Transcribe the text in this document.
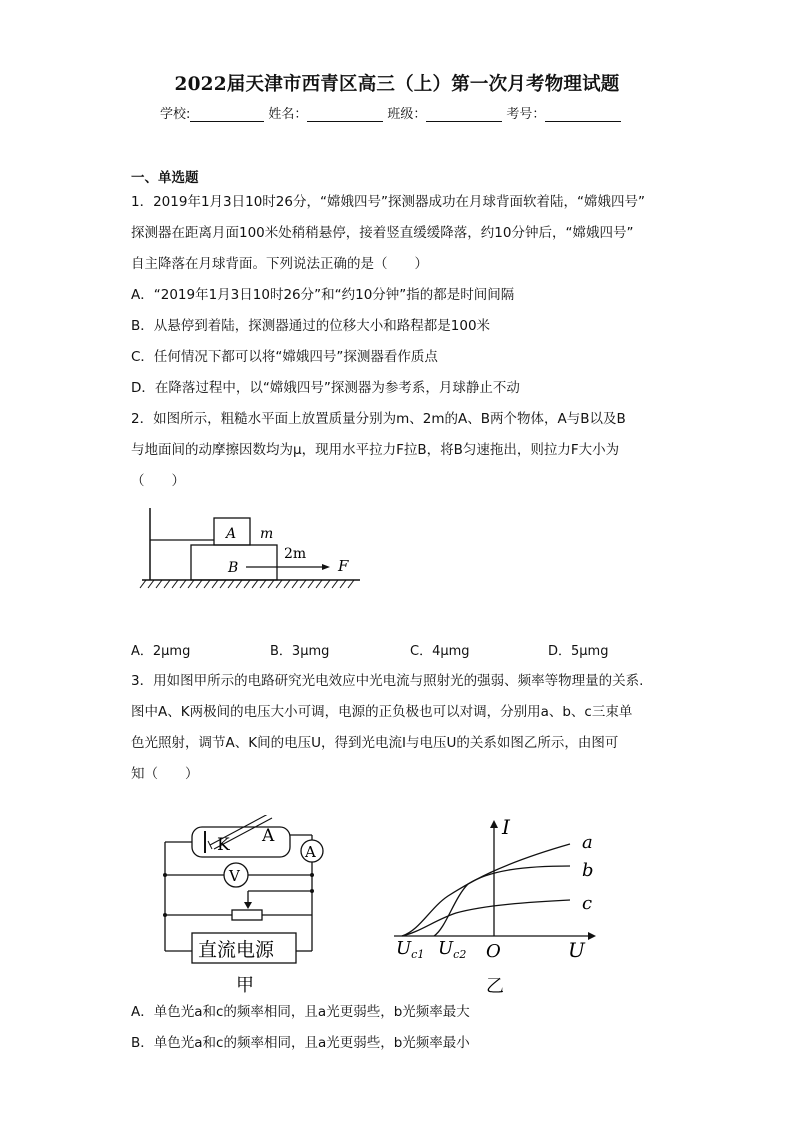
2022届天津市西青区高三（上）第一次月考物理试题
学校:	姓名：	班级：	考号：
一、单选题
1．2019年1月3日10时26分，“嫦娥四号”探测器成功在月球背面软着陆，“嫦娥四号”
探测器在距离月面100米处稍稍悬停，接着竖直缓缓降落，约10分钟后，“嫦娥四号”
自主降落在月球背面。下列说法正确的是（　　）
A．“2019年1月3日10时26分”和“约10分钟”指的都是时间间隔
B．从悬停到着陆，探测器通过的位移大小和路程都是100米
C．任何情况下都可以将“嫦娥四号”探测器看作质点
D．在降落过程中，以“嫦娥四号”探测器为参考系，月球静止不动
2．如图所示，粗糙水平面上放置质量分别为m、2m的A、B两个物体，A与B以及B
与地面间的动摩擦因数均为μ，现用水平拉力F拉B，将B匀速拖出，则拉力F大小为
（　　）
A m
2m
B	F
A．2μmg	B．3μmg	C．4μmg	D．5μmg
3．用如图甲所示的电路研究光电效应中光电流与照射光的强弱、频率等物理量的关系.
图中A、K两极间的电压大小可调，电源的正负极也可以对调，分别用a、b、c三束单
色光照射，调节A、K间的电压U，得到光电流I与电压U的关系如图乙所示，由图可
知（　　）
K A
A
V
直流电源
甲
I
U
O
a
b
c
$U_{c1}$ $U_{c2}$
乙
A．单色光a和c的频率相同，且a光更弱些，b光频率最大
B．单色光a和c的频率相同，且a光更弱些，b光频率最小
